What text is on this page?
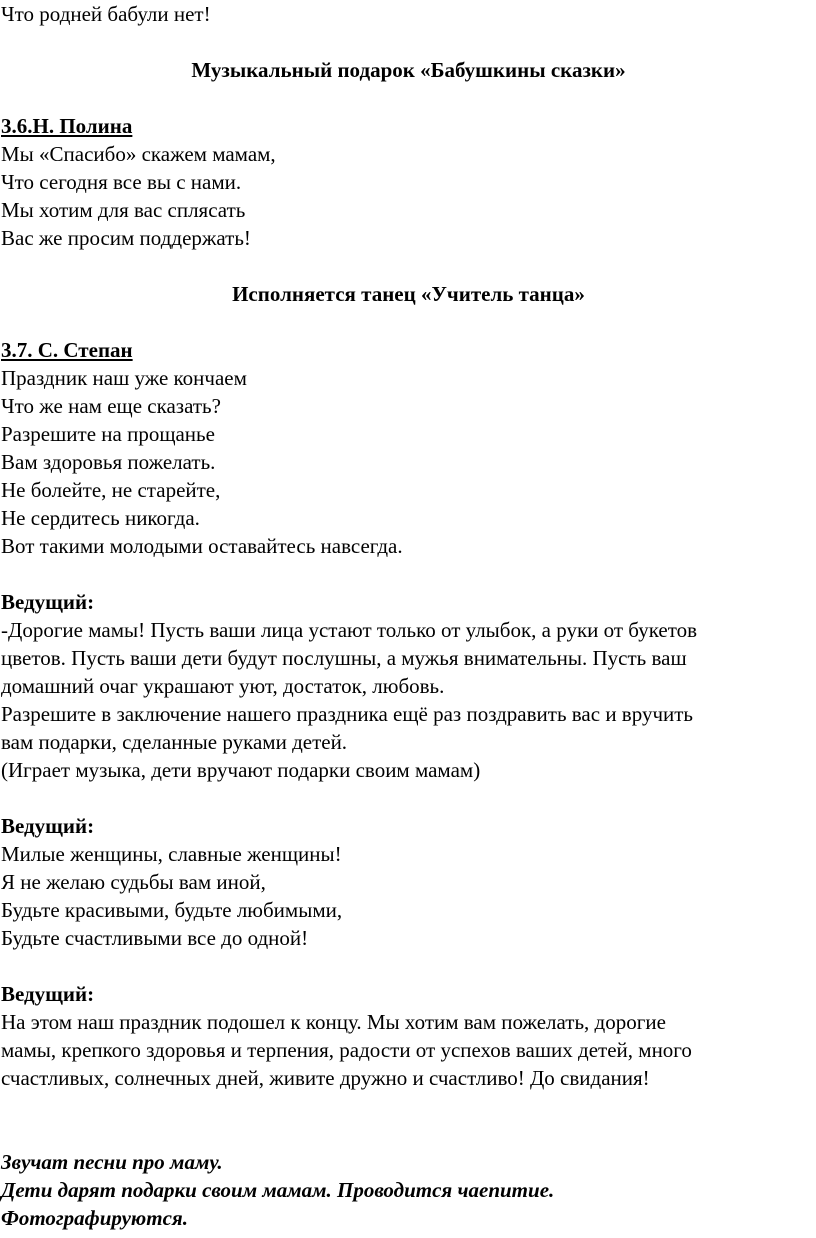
Что родней бабули нет!
Музыкальный подарок «Бабушкины сказки»
3.6.Н. Полина
Мы «Спасибо» скажем мамам,
Что сегодня все вы с нами.
Мы хотим для вас сплясать
Вас же просим поддержать!
Исполняется танец «Учитель танца»
3.7. С. Степан
Праздник наш уже кончаем
Что же нам еще сказать?
Разрешите на прощанье
Вам здоровья пожелать.
Не болейте, не старейте,
Не сердитесь никогда.
Вот такими молодыми оставайтесь навсегда.
Ведущий:
-Дорогие мамы! Пусть ваши лица устают только от улыбок, а руки от букетов
цветов. Пусть ваши дети будут послушны, а мужья внимательны. Пусть ваш
домашний очаг украшают уют, достаток, любовь.
Разрешите в заключение нашего праздника ещё раз поздравить вас и вручить
вам подарки, сделанные руками детей.
(Играет музыка, дети вручают подарки своим мамам)
Ведущий:
Милые женщины, славные женщины!
Я не желаю судьбы вам иной,
Будьте красивыми, будьте любимыми,
Будьте счастливыми все до одной!
Ведущий:
На этом наш праздник подошел к концу. Мы хотим вам пожелать, дорогие
мамы, крепкого здоровья и терпения, радости от успехов ваших детей, много
счастливых, солнечных дней, живите дружно и счастливо! До свидания!
Звучат песни про маму.
Дети дарят подарки своим мамам. Проводится чаепитие.
Фотографируются.
